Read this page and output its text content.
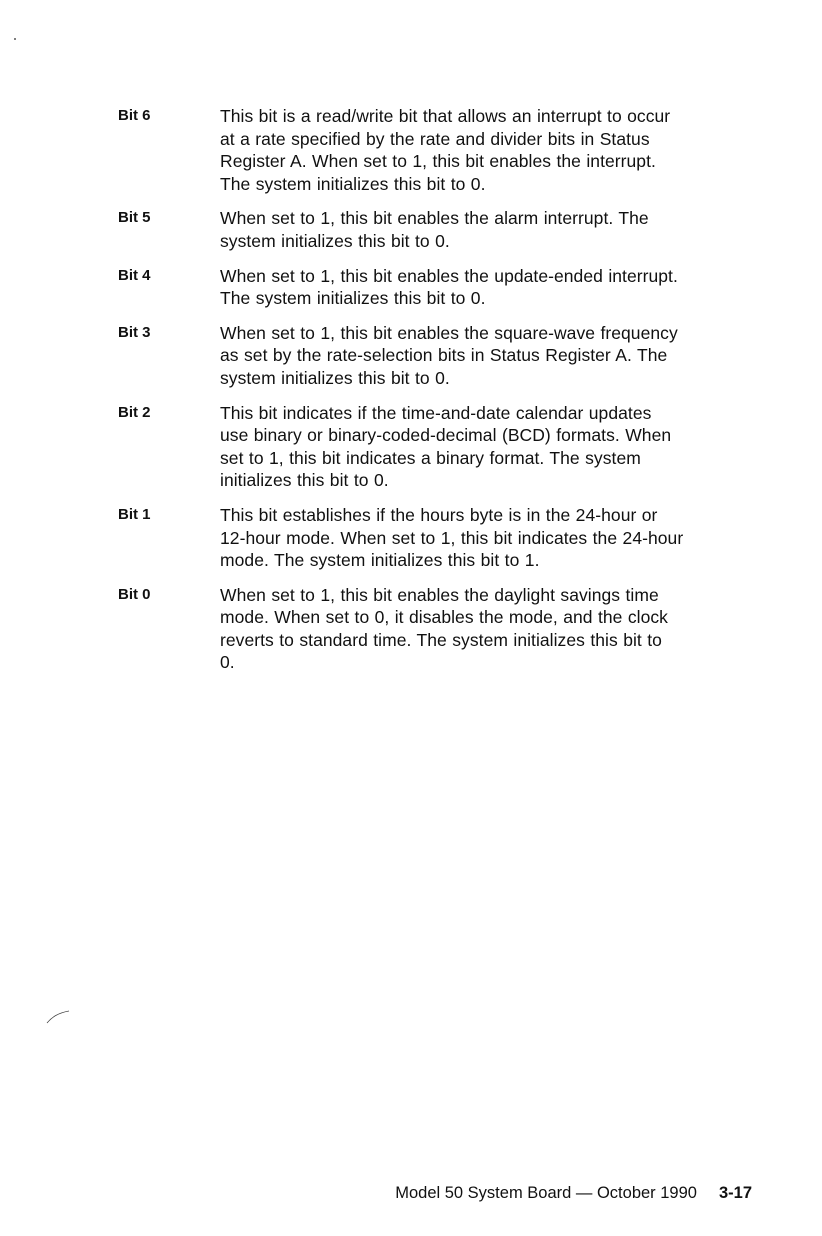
Bit 6	This bit is a read/write bit that allows an interrupt to occur
at a rate specified by the rate and divider bits in Status
Register A. When set to 1, this bit enables the interrupt.
The system initializes this bit to 0.
Bit 5	When set to 1, this bit enables the alarm interrupt. The
system initializes this bit to 0.
Bit 4	When set to 1, this bit enables the update-ended interrupt.
The system initializes this bit to 0.
Bit 3	When set to 1, this bit enables the square-wave frequency
as set by the rate-selection bits in Status Register A. The
system initializes this bit to 0.
Bit 2	This bit indicates if the time-and-date calendar updates
use binary or binary-coded-decimal (BCD) formats. When
set to 1, this bit indicates a binary format. The system
initializes this bit to 0.
Bit 1	This bit establishes if the hours byte is in the 24-hour or
12-hour mode. When set to 1, this bit indicates the 24-hour
mode. The system initializes this bit to 1.
Bit 0	When set to 1, this bit enables the daylight savings time
mode. When set to 0, it disables the mode, and the clock
reverts to standard time. The system initializes this bit to
0.
Model 50 System Board — October 1990 3-17
